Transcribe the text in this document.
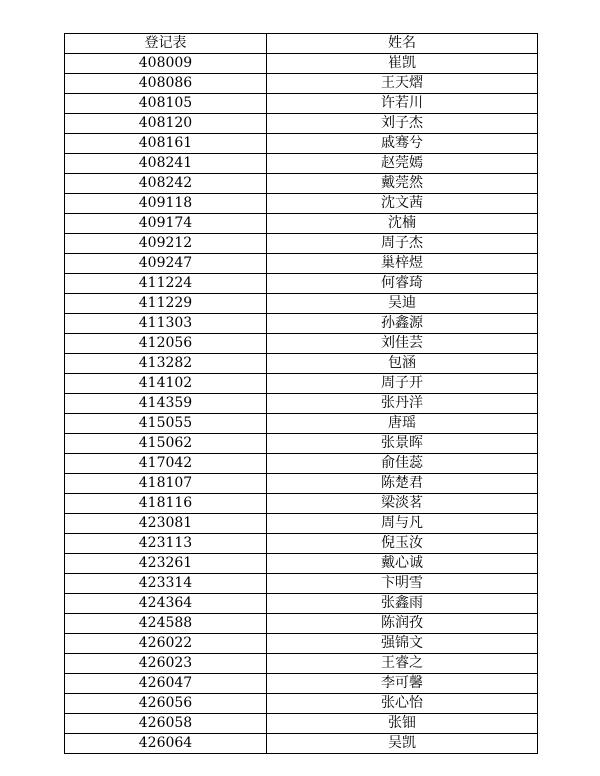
登记表	姓名
408009	崔凯
408086	王天熠
408105	许若川
408120	刘子杰
408161	戚骞兮
408241	赵莞嫣
408242	戴莞然
409118	沈文茜
409174	沈楠
409212	周子杰
409247	巢梓煜
411224	何睿琦
411229	吴迪
411303	孙鑫源
412056	刘佳芸
413282	包涵
414102	周子开
414359	张丹洋
415055	唐瑶
415062	张景晖
417042	俞佳蕊
418107	陈楚君
418116	梁淡茗
423081	周与凡
423113	倪玉汝
423261	戴心诚
423314	卞明雪
424364	张鑫雨
424588	陈润孜
426022	强锦文
426023	王睿之
426047	李可馨
426056	张心怡
426058	张钿
426064	吴凯
